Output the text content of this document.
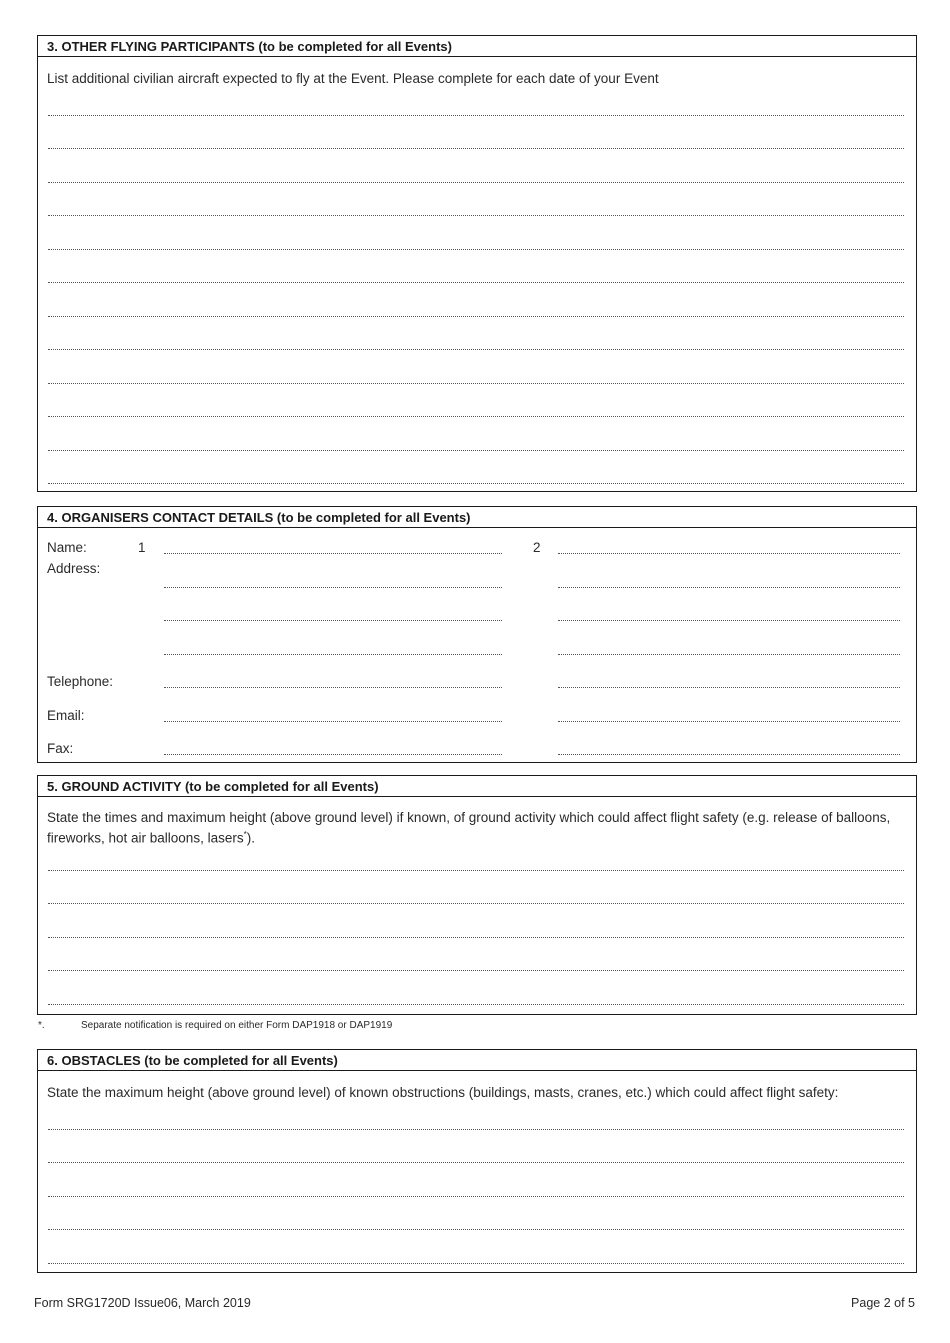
3. OTHER FLYING PARTICIPANTS (to be completed for all Events)
List additional civilian aircraft expected to fly at the Event. Please complete for each date of your Event
4. ORGANISERS CONTACT DETAILS (to be completed for all Events)
Name:	1	2
Address:
Telephone:
Email:
Fax:
5. GROUND ACTIVITY (to be completed for all Events)
State the times and maximum height (above ground level) if known, of ground activity which could affect flight safety (e.g. release of balloons, fireworks, hot air balloons, lasers*).
*.	Separate notification is required on either Form DAP1918 or DAP1919
6. OBSTACLES (to be completed for all Events)
State the maximum height (above ground level) of known obstructions (buildings, masts, cranes, etc.) which could affect flight safety:
Form SRG1720D Issue06, March 2019	Page 2 of 5
